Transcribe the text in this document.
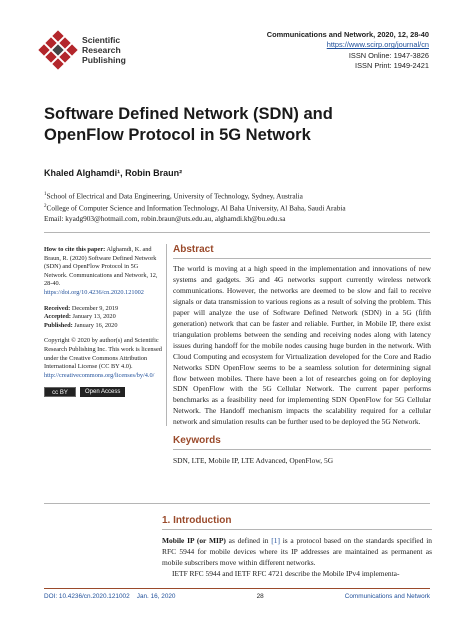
Scientific
Research
Publishing
Communications and Network, 2020, 12, 28-40
https://www.scirp.org/journal/cn
ISSN Online: 1947-3826
ISSN Print: 1949-2421
Software Defined Network (SDN) and
OpenFlow Protocol in 5G Network
Khaled Alghamdi¹, Robin Braun²
$^1$School of Electrical and Data Engineering, University of Technology, Sydney, Australia
$^2$College of Computer Science and Information Technology, Al Baha University, Al Baha, Saudi Arabia
Email: kyadg903@hotmail.com, robin.braun@uts.edu.au, alghamdi.kh@bu.edu.sa

How to cite this paper: Alghamdi, K. and Braun, R. (2020) Software Defined Network (SDN) and OpenFlow Protocol in 5G Network. Communications and Network, 12, 28-40.
https://doi.org/10.4236/cn.2020.121002

Received: December 9, 2019
Accepted: January 13, 2020
Published: January 16, 2020

Copyright © 2020 by author(s) and Scientific Research Publishing Inc. This work is licensed under the Creative Commons Attribution International License (CC BY 4.0).
http://creativecommons.org/licenses/by/4.0/

cc BY	Open Access
Abstract
The world is moving at a high speed in the implementation and innovations of new systems and gadgets. 3G and 4G networks support currently wireless network communications. However, the networks are deemed to be slow and fail to receive signals or data transmission to various regions as a result of solving the problem. This paper will analyze the use of Software Defined Network (SDN) in a 5G (fifth generation) network that can be faster and reliable. Further, in Mobile IP, there exist triangulation problems between the sending and receiving nodes along with latency issues during handoff for the mobile nodes causing huge burden in the network. With Cloud Computing and ecosystem for Virtualization developed for the Core and Radio Networks SDN OpenFlow seems to be a seamless solution for determining signal flow between mobiles. There have been a lot of researches going on for deploying SDN OpenFlow with the 5G Cellular Network. The current paper performs benchmarks as a feasibility need for implementing SDN OpenFlow for 5G Cellular Network. The Handoff mechanism impacts the scalability required for a cellular network and simulation results can be further used to be deployed the 5G Network.
Keywords
SDN, LTE, Mobile IP, LTE Advanced, OpenFlow, 5G
1. Introduction

Mobile IP (or MIP) as defined in [1] is a protocol based on the standards specified in RFC 5944 for mobile devices where its IP addresses are maintained as permanent as mobile subscribers move within different networks.

IETF RFC 5944 and IETF RFC 4721 describe the Mobile IPv4 implementa-

DOI: 10.4236/cn.2020.121002 Jan. 16, 2020	28	Communications and Network
